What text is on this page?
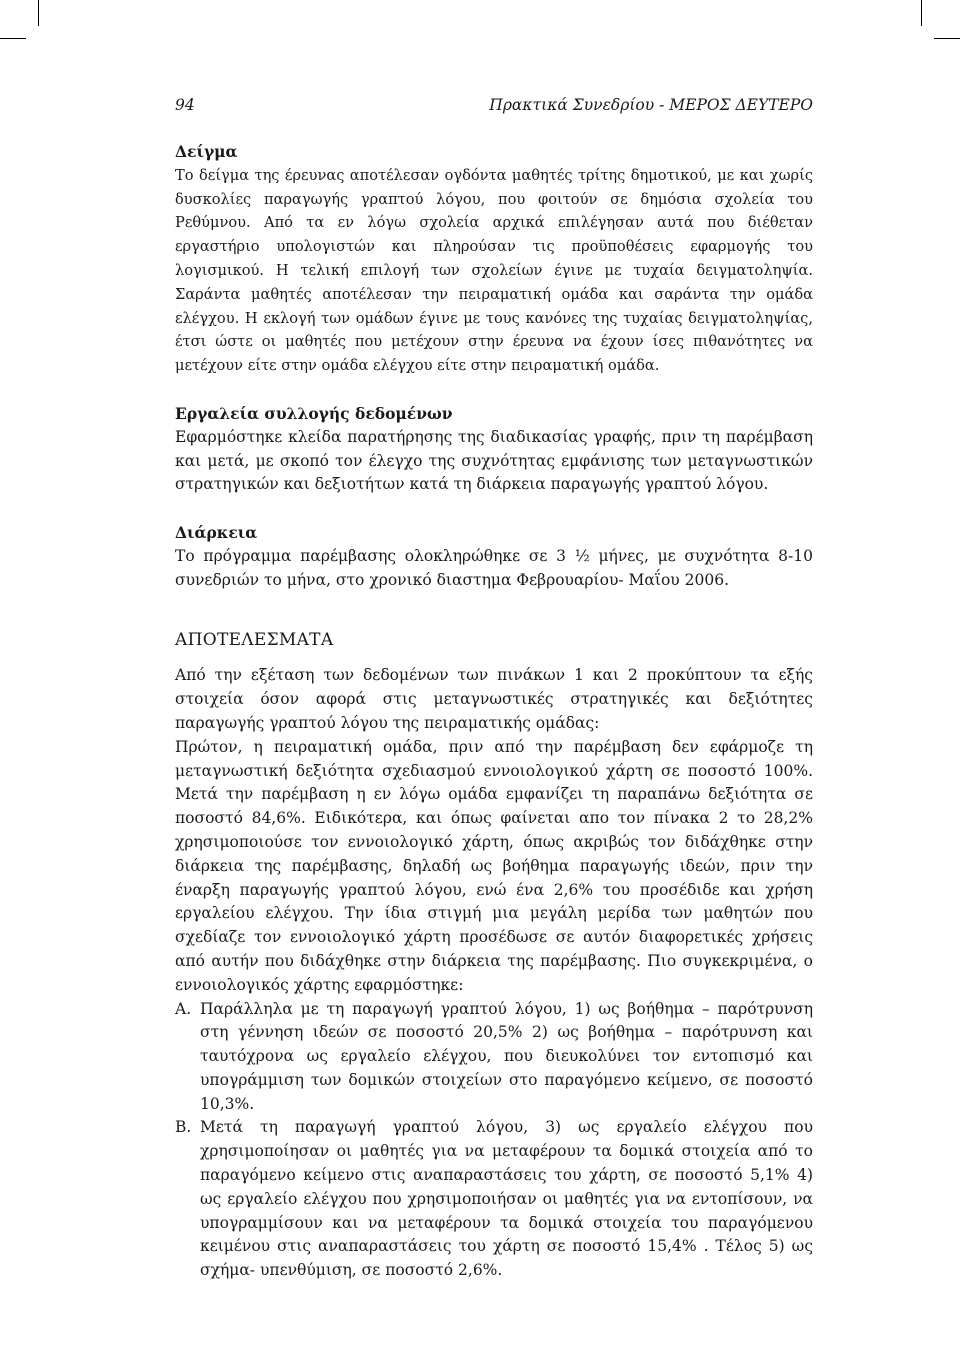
94	Πρακτικά Συνεδρίου - ΜΕΡΟΣ ΔΕΥΤΕΡΟ

Δείγμα

Το δείγμα της έρευνας αποτέλεσαν ογδόντα μαθητές τρίτης δημοτικού, με και χωρίς δυσκολίες παραγωγής γραπτού λόγου, που φοιτούν σε δημόσια σχολεία του Ρεθύμνου. Από τα εν λόγω σχολεία αρχικά επιλέγησαν αυτά που διέθεταν εργαστήριο υπολογιστών και πληρούσαν τις προϋποθέσεις εφαρμογής του λογισμικού. Η τελική επιλογή των σχολείων έγινε με τυχαία δειγματοληψία. Σαράντα μαθητές αποτέλεσαν την πειραματική ομάδα και σαράντα την ομάδα ελέγχου. Η εκλογή των ομάδων έγινε με τους κανόνες της τυχαίας δειγματοληψίας, έτσι ώστε οι μαθητές που μετέχουν στην έρευνα να έχουν ίσες πιθανότητες να μετέχουν είτε στην ομάδα ελέγχου είτε στην πειραματική ομάδα.

Εργαλεία συλλογής δεδομένων

Εφαρμόστηκε κλείδα παρατήρησης της διαδικασίας γραφής, πριν τη παρέμβαση και μετά, με σκοπό τον έλεγχο της συχνότητας εμφάνισης των μεταγνωστικών στρατηγικών και δεξιοτήτων κατά τη διάρκεια παραγωγής γραπτού λόγου.

Διάρκεια

Το πρόγραμμα παρέμβασης ολοκληρώθηκε σε 3 ½ μήνες, με συχνότητα 8-10 συνεδριών το μήνα, στο χρονικό διαστημα Φεβρουαρίου- Μαΐου 2006.

ΑΠΟΤΕΛΕΣΜΑΤΑ

Από την εξέταση των δεδομένων των πινάκων 1 και 2 προκύπτουν τα εξής στοιχεία όσον αφορά στις μεταγνωστικές στρατηγικές και δεξιότητες παραγωγής γραπτού λόγου της πειραματικής ομάδας:

Πρώτον, η πειραματική ομάδα, πριν από την παρέμβαση δεν εφάρμοζε τη μεταγνωστική δεξιότητα σχεδιασμού εννοιολογικού χάρτη σε ποσοστό 100%. Μετά την παρέμβαση η εν λόγω ομάδα εμφανίζει τη παραπάνω δεξιότητα σε ποσοστό 84,6%. Ειδικότερα, και όπως φαίνεται απο τον πίνακα 2 το 28,2% χρησιμοποιούσε τον εννοιολογικό χάρτη, όπως ακριβώς τον διδάχθηκε στην διάρκεια της παρέμβασης, δηλαδή ως βοήθημα παραγωγής ιδεών, πριν την έναρξη παραγωγής γραπτού λόγου, ενώ ένα 2,6% του προσέδιδε και χρήση εργαλείου ελέγχου. Την ίδια στιγμή μια μεγάλη μερίδα των μαθητών που σχεδίαζε τον εννοιολογικό χάρτη προσέδωσε σε αυτόν διαφορετικές χρήσεις από αυτήν που διδάχθηκε στην διάρκεια της παρέμβασης. Πιο συγκεκριμένα, ο εννοιολογικός χάρτης εφαρμόστηκε:

Α. Παράλληλα με τη παραγωγή γραπτού λόγου, 1) ως βοήθημα – παρότρυνση στη γέννηση ιδεών σε ποσοστό 20,5% 2) ως βοήθημα – παρότρυνση και ταυτόχρονα ως εργαλείο ελέγχου, που διευκολύνει τον εντοπισμό και υπογράμμιση των δομικών στοιχείων στο παραγόμενο κείμενο, σε ποσοστό 10,3%.
Β. Μετά τη παραγωγή γραπτού λόγου, 3) ως εργαλείο ελέγχου που χρησιμοποίησαν οι μαθητές για να μεταφέρουν τα δομικά στοιχεία από το παραγόμενο κείμενο στις αναπαραστάσεις του χάρτη, σε ποσοστό 5,1% 4) ως εργαλείο ελέγχου που χρησιμοποιήσαν οι μαθητές για να εντοπίσουν, να υπογραμμίσουν και να μεταφέρουν τα δομικά στοιχεία του παραγόμενου κειμένου στις αναπαραστάσεις του χάρτη σε ποσοστό 15,4% . Τέλος 5) ως σχήμα- υπενθύμιση, σε ποσοστό 2,6%.
